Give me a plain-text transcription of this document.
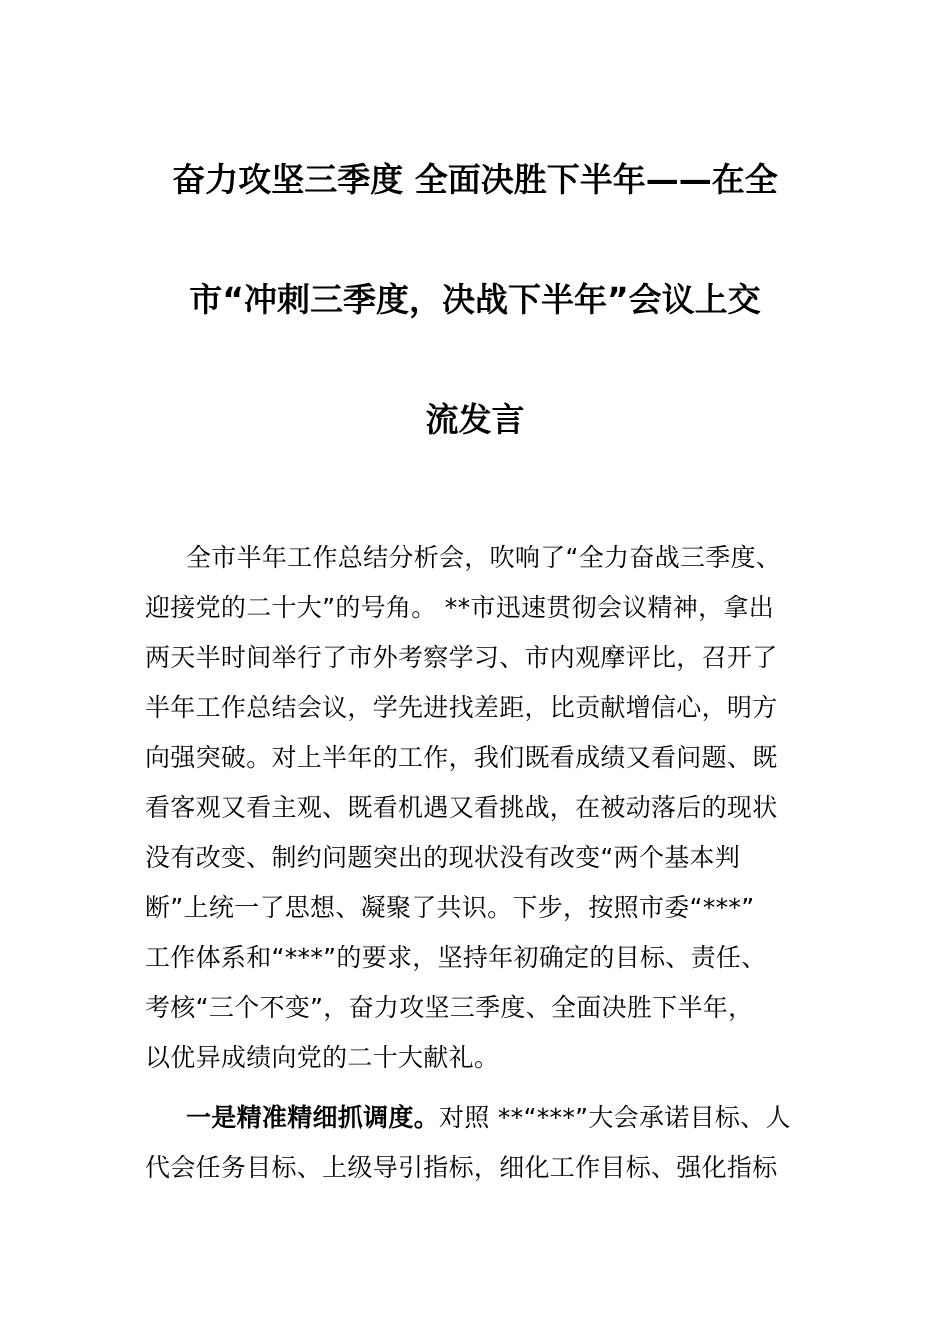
奋力攻坚三季度 全面决胜下半年——在全
市“冲刺三季度，决战下半年”会议上交
流发言
全市半年工作总结分析会，吹响了“全力奋战三季度、
迎接党的二十大”的号角。 **市迅速贯彻会议精神，拿出
两天半时间举行了市外考察学习、市内观摩评比，召开了
半年工作总结会议，学先进找差距，比贡献增信心，明方
向强突破。对上半年的工作，我们既看成绩又看问题、既
看客观又看主观、既看机遇又看挑战，在被动落后的现状
没有改变、制约问题突出的现状没有改变“两个基本判
断”上统一了思想、凝聚了共识。下步，按照市委“***”
工作体系和“***”的要求，坚持年初确定的目标、责任、
考核“三个不变”，奋力攻坚三季度、全面决胜下半年，
以优异成绩向党的二十大献礼。
一是精准精细抓调度。对照 **“***”大会承诺目标、人
代会任务目标、上级导引指标，细化工作目标、强化指标
